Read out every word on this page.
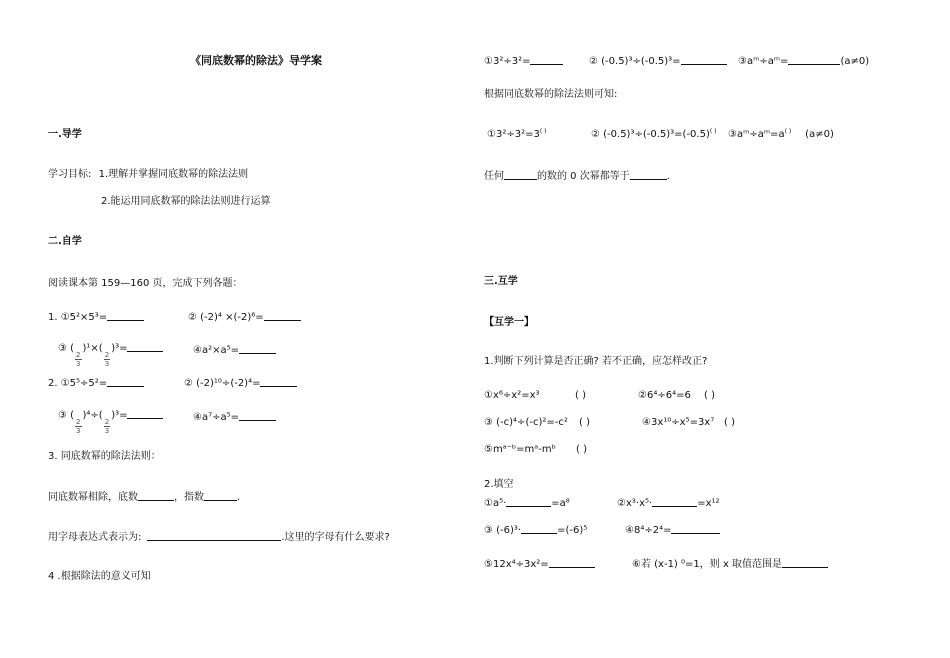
《同底数幂的除法》导学案
一.导学
学习目标: 1.理解并掌握同底数幂的除法法则
2.能运用同底数幂的除法法则进行运算
二.自学
阅读课本第 159—160 页，完成下列各题：
1. ①5²×5³=	② (-2)⁴ ×(-2)⁶=
③ (
$\frac{2}{3}$
)¹×(
$\frac{2}{3}$
)³=	④a²×a⁵=
2. ①5⁵÷5²=	② (-2)¹⁰÷(-2)⁴=
③ (
$\frac{2}{3}$
)⁴÷(
$\frac{2}{3}$
)³=	④a⁷÷a⁵=
3. 同底数幂的除法法则：
同底数幂相除，底数	，指数	.
用字母表达式表示为:	.这里的字母有什么要求?
4 .根据除法的意义可知
①3²÷3²=	② (-0.5)³÷(-0.5)³=	③aᵐ÷aᵐ=	(a≠0)
根据同底数幂的除法法则可知:
①3²÷3²=3( )	② (-0.5)³÷(-0.5)³=(-0.5)( ) ③aᵐ÷aᵐ=a( ) (a≠0)
任何	的数的 0 次幂都等于	.
三.互学
【互学一】
1.判断下列计算是否正确? 若不正确，应怎样改正?
①x⁶÷x²=x³	( )	②6⁴÷6⁴=6 ( )
③ (-c)⁴÷(-c)²=-c² ( )	④3x¹⁰÷x⁵=3x⁷ ( )
⑤mᵃ⁻ᵇ=mᵃ-mᵇ ( )
2.填空
①a⁵·	=a⁸	②x³·x⁵·	=x¹²
③ (-6)³·	=(-6)⁵	④8⁴÷2⁴=
⑤12x⁴÷3x²=	⑥若 (x-1) ⁰=1，则 x 取值范围是
